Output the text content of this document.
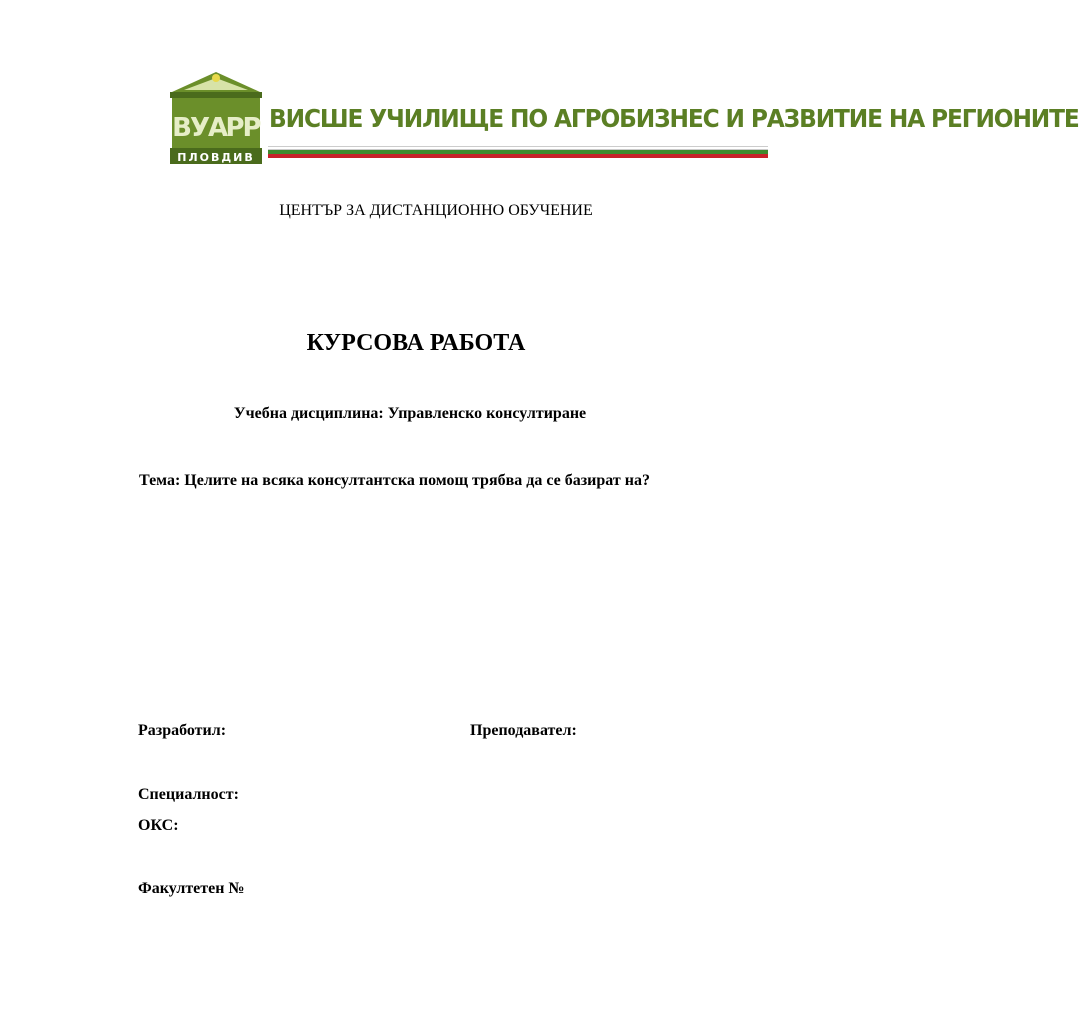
В
У
А
Р
Р
ПЛОВДИВ
ВИСШЕ УЧИЛИЩЕ ПО АГРОБИЗНЕС И РАЗВИТИЕ НА РЕГИОНИТЕ
ЦЕНТЪР ЗА ДИСТАНЦИОННО ОБУЧЕНИЕ
КУРСОВА РАБОТА
Учебна дисциплина: Управленско консултиране
Тема: Целите на всяка консултантска помощ трябва да се базират на?
Разработил:	Преподавател:
Специалност:
ОКС:
Факултетен №
